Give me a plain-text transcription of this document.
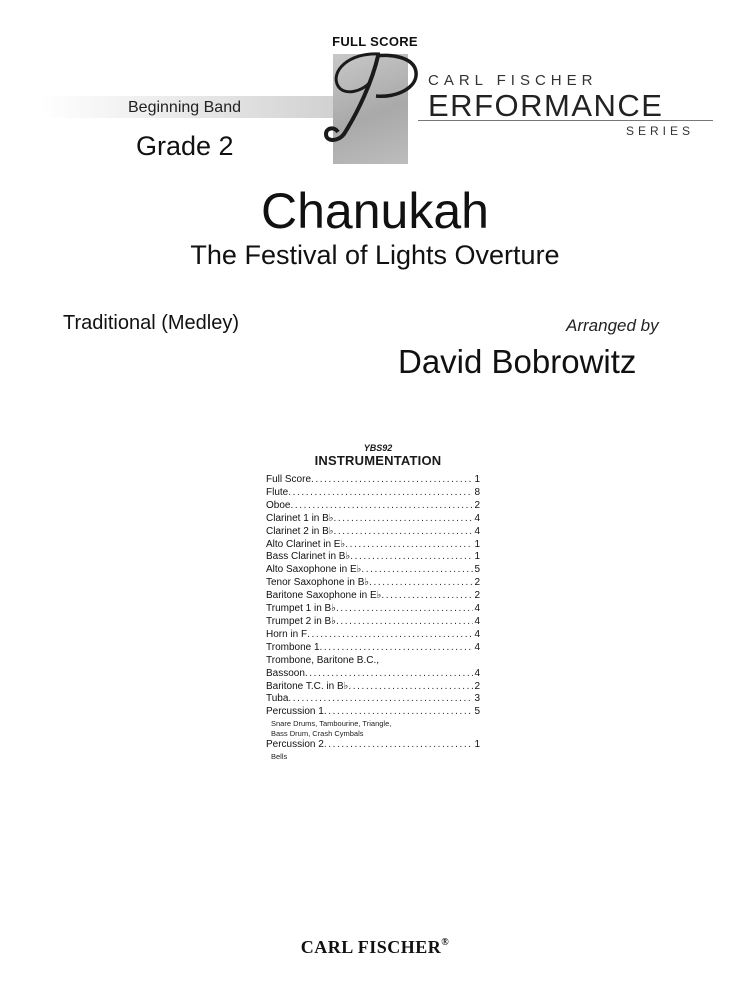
FULL SCORE
CARL FISCHER
ERFORMANCE
SERIES
Beginning Band
Grade 2
Chanukah
The Festival of Lights Overture
Traditional (Medley)	Arranged by
David Bobrowitz
YBS92
INSTRUMENTATION
Full Score .....	1
Flute .....	8
Oboe .....	2
Clarinet 1 in B♭ .....	4
Clarinet 2 in B♭ .....	4
Alto Clarinet in E♭ .....	1
Bass Clarinet in B♭ .....	1
Alto Saxophone in E♭ .....	5
Tenor Saxophone in B♭ .....	2
Baritone Saxophone in E♭ .....	2
Trumpet 1 in B♭ .....	4
Trumpet 2 in B♭ .....	4
Horn in F .....	4
Trombone 1 .....	4
Trombone, Baritone B.C.,
Bassoon .....	4
Baritone T.C. in B♭ .....	2
Tuba .....	3
Percussion 1 .....	5
Snare Drums, Tambourine, Triangle,
Bass Drum, Crash Cymbals
Percussion 2 .....	1
Bells
CARL FISCHER®
